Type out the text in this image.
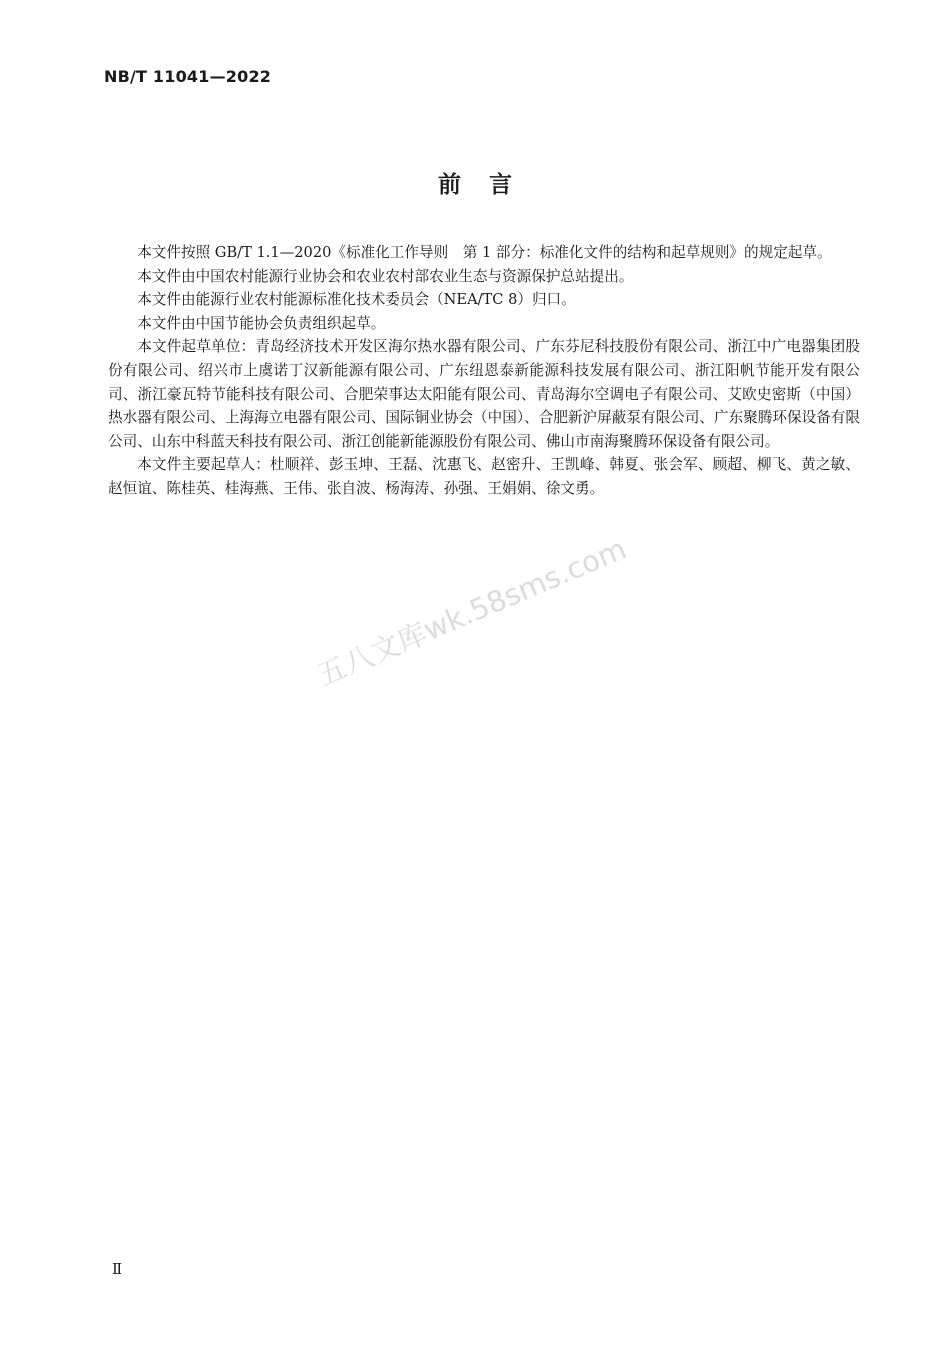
NB/T 11041—2022
前言

本文件按照 GB/T 1.1—2020《标准化工作导则　第 1 部分：标准化文件的结构和起草规则》的规定起草。

本文件由中国农村能源行业协会和农业农村部农业生态与资源保护总站提出。

本文件由能源行业农村能源标准化技术委员会（NEA/TC 8）归口。

本文件由中国节能协会负责组织起草。

本文件起草单位：青岛经济技术开发区海尔热水器有限公司、广东芬尼科技股份有限公司、浙江中广电器集团股份有限公司、绍兴市上虞诺丁汉新能源有限公司、广东纽恩泰新能源科技发展有限公司、浙江阳帆节能开发有限公司、浙江豪瓦特节能科技有限公司、合肥荣事达太阳能有限公司、青岛海尔空调电子有限公司、艾欧史密斯（中国）热水器有限公司、上海海立电器有限公司、国际铜业协会（中国）、合肥新沪屏蔽泵有限公司、广东聚腾环保设备有限公司、山东中科蓝天科技有限公司、浙江创能新能源股份有限公司、佛山市南海聚腾环保设备有限公司。

本文件主要起草人：杜顺祥、彭玉坤、王磊、沈惠飞、赵密升、王凯峰、韩夏、张会军、顾超、柳飞、黄之敏、赵恒谊、陈桂英、桂海燕、王伟、张自波、杨海涛、孙强、王娟娟、徐文勇。

五八文库wk.58sms.com
Ⅱ
